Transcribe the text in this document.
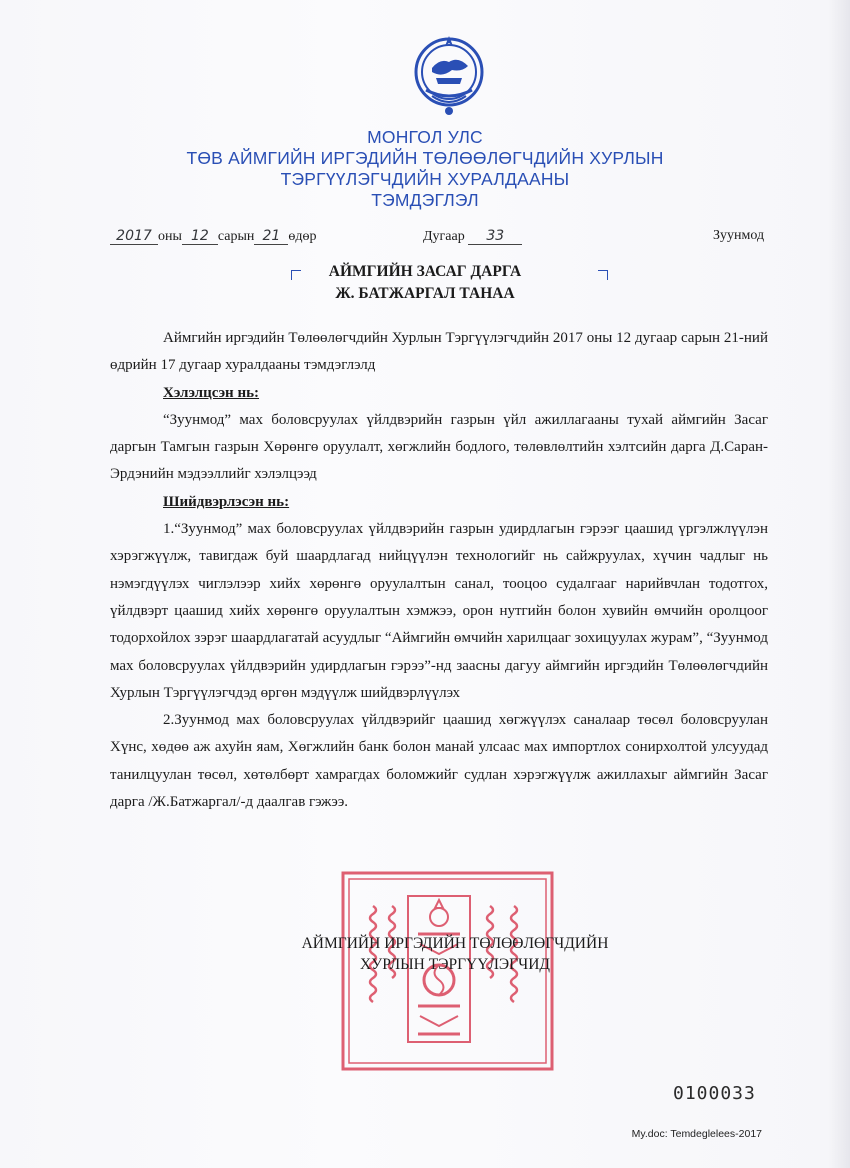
МОНГОЛ УЛС
ТӨВ АЙМГИЙН ИРГЭДИЙН ТӨЛӨӨЛӨГЧДИЙН ХУРЛЫН
ТЭРГҮҮЛЭГЧДИЙН ХУРАЛДААНЫ
ТЭМДЭГЛЭЛ
2017 оны 12 сарын 21 өдөр	Дугаар 33	Зуунмод
АЙМГИЙН ЗАСАГ ДАРГА
Ж. БАТЖАРГАЛ ТАНАА

Аймгийн иргэдийн Төлөөлөгчдийн Хурлын Тэргүүлэгчдийн 2017 оны 12 дугаар сарын 21-ний өдрийн 17 дугаар хуралдааны тэмдэглэлд

Хэлэлцсэн нь:

“Зуунмод” мах боловсруулах үйлдвэрийн газрын үйл ажиллагааны тухай аймгийн Засаг даргын Тамгын газрын Хөрөнгө оруулалт, хөгжлийн бодлого, төлөвлөлтийн хэлтсийн дарга Д.Саран-Эрдэнийн мэдээллийг хэлэлцээд

Шийдвэрлэсэн нь:

1.“Зуунмод” мах боловсруулах үйлдвэрийн газрын удирдлагын гэрээг цаашид үргэлжлүүлэн хэрэгжүүлж, тавигдаж буй шаардлагад нийцүүлэн технологийг нь сайжруулах, хүчин чадлыг нь нэмэгдүүлэх чиглэлээр хийх хөрөнгө оруулалтын санал, тооцоо судалгааг нарийвчлан тодотгох, үйлдвэрт цаашид хийх хөрөнгө оруулалтын хэмжээ, орон нутгийн болон хувийн өмчийн оролцоог тодорхойлох зэрэг шаардлагатай асуудлыг “Аймгийн өмчийн харилцааг зохицуулах журам”, “Зуунмод мах боловсруулах үйлдвэрийн удирдлагын гэрээ”-нд заасны дагуу аймгийн иргэдийн Төлөөлөгчдийн Хурлын Тэргүүлэгчдэд өргөн мэдүүлж шийдвэрлүүлэх

2.Зуунмод мах боловсруулах үйлдвэрийг цаашид хөгжүүлэх саналаар төсөл боловсруулан Хүнс, хөдөө аж ахуйн яам, Хөгжлийн банк болон манай улсаас мах импортлох сонирхолтой улсуудад танилцуулан төсөл, хөтөлбөрт хамрагдах боломжийг судлан хэрэгжүүлж ажиллахыг аймгийн Засаг дарга /Ж.Батжаргал/-д даалгав гэжээ.

АЙМГИЙН ИРГЭДИЙН ТӨЛӨӨЛӨГЧДИЙН
ХУРЛЫН ТЭРГҮҮЛЭГЧИД
0100033
My.doc: Temdeglelees-2017
